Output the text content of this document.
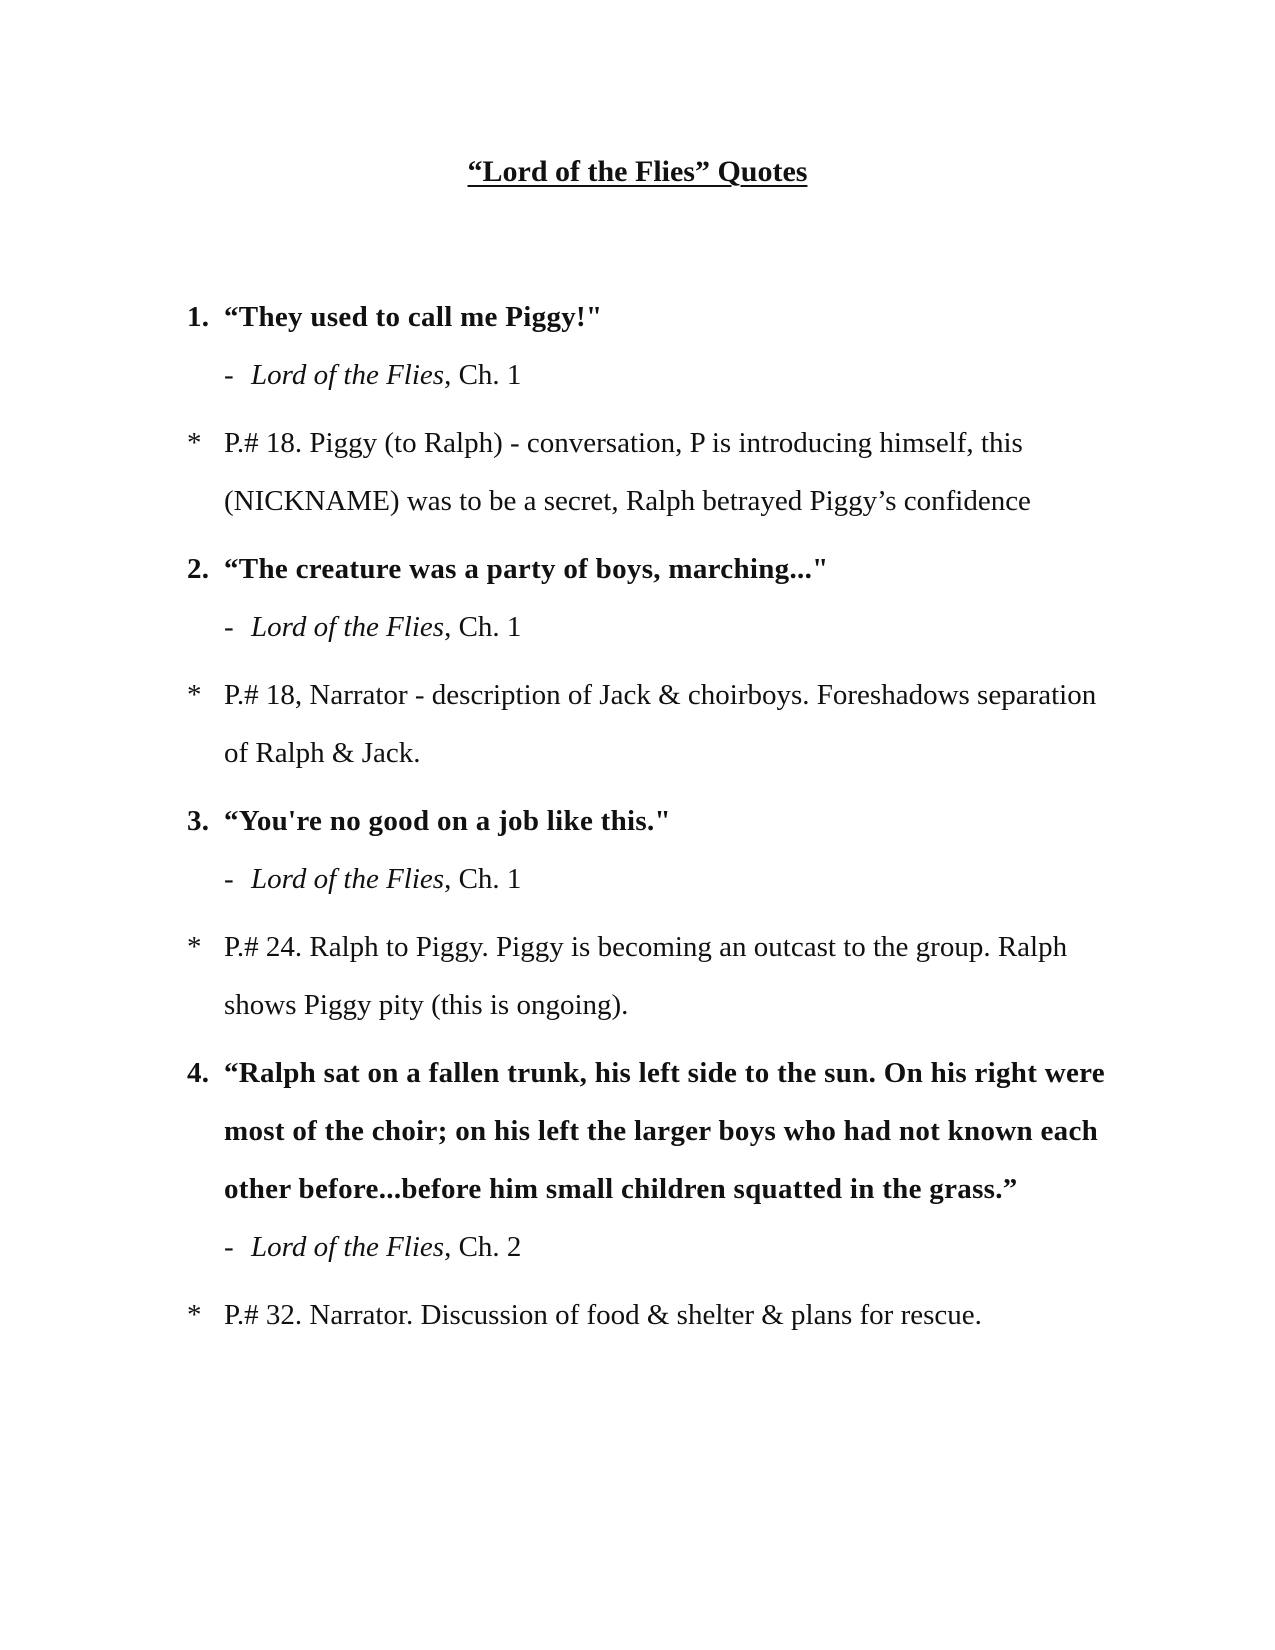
“Lord of the Flies” Quotes
1. “They used to call me Piggy!"
- Lord of the Flies, Ch. 1
* P.# 18. Piggy (to Ralph) - conversation, P is introducing himself, this (NICKNAME) was to be a secret, Ralph betrayed Piggy’s confidence
2. “The creature was a party of boys, marching..."
- Lord of the Flies, Ch. 1
* P.# 18, Narrator - description of Jack & choirboys. Foreshadows separation of Ralph & Jack.
3. “You're no good on a job like this."
- Lord of the Flies, Ch. 1
* P.# 24. Ralph to Piggy. Piggy is becoming an outcast to the group. Ralph shows Piggy pity (this is ongoing).
4. “Ralph sat on a fallen trunk, his left side to the sun. On his right were most of the choir; on his left the larger boys who had not known each other before...before him small children squatted in the grass.”
- Lord of the Flies, Ch. 2
* P.# 32. Narrator. Discussion of food & shelter & plans for rescue.
